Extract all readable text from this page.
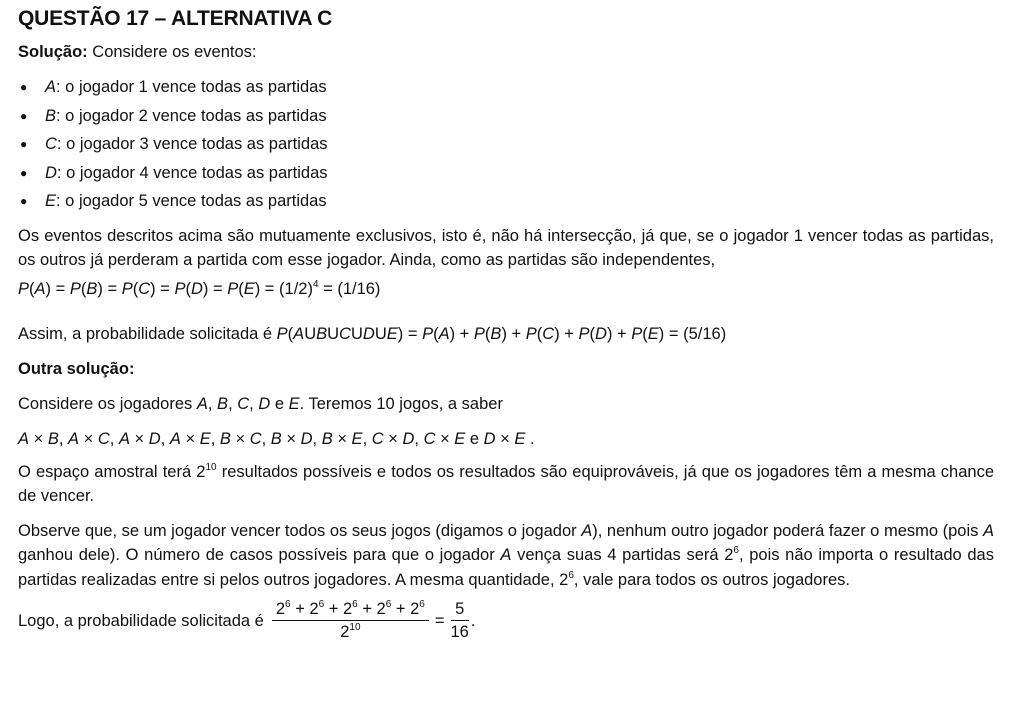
QUESTÃO 17 – ALTERNATIVA C

Solução: Considere os eventos:

● A: o jogador 1 vence todas as partidas
● B: o jogador 2 vence todas as partidas
● C: o jogador 3 vence todas as partidas
● D: o jogador 4 vence todas as partidas
● E: o jogador 5 vence todas as partidas

Os eventos descritos acima são mutuamente exclusivos, isto é, não há intersecção, já que, se o jogador 1 vencer todas as partidas, os outros já perderam a partida com esse jogador. Ainda, como as partidas são independentes,

$P(A) = P(B) = P(C) = P(D) = P(E) = (1/2)^4 = (1/16)$

Assim, a probabilidade solicitada é P(AUBUCUDUE) = P(A) + P(B) + P(C) + P(D) + P(E) = (5/16)

Outra solução:

Considere os jogadores A, B, C, D e E. Teremos 10 jogos, a saber

A × B, A × C, A × D, A × E, B × C, B × D, B × E, C × D, C × E e D × E .

O espaço amostral terá $2^{10}$ resultados possíveis e todos os resultados são equiprováveis, já que os jogadores têm a mesma chance de vencer.

Observe que, se um jogador vencer todos os seus jogos (digamos o jogador A), nenhum outro jogador poderá fazer o mesmo (pois A ganhou dele). O número de casos possíveis para que o jogador A vença suas 4 partidas será $2^6$, pois não importa o resultado das partidas realizadas entre si pelos outros jogadores. A mesma quantidade, $2^6$, vale para todos os outros jogadores.

Logo, a probabilidade solicitada é $\frac{2^6 + 2^6 + 2^6 + 2^6 + 2^6}{2^{10}} = \frac{5}{16}$ .
